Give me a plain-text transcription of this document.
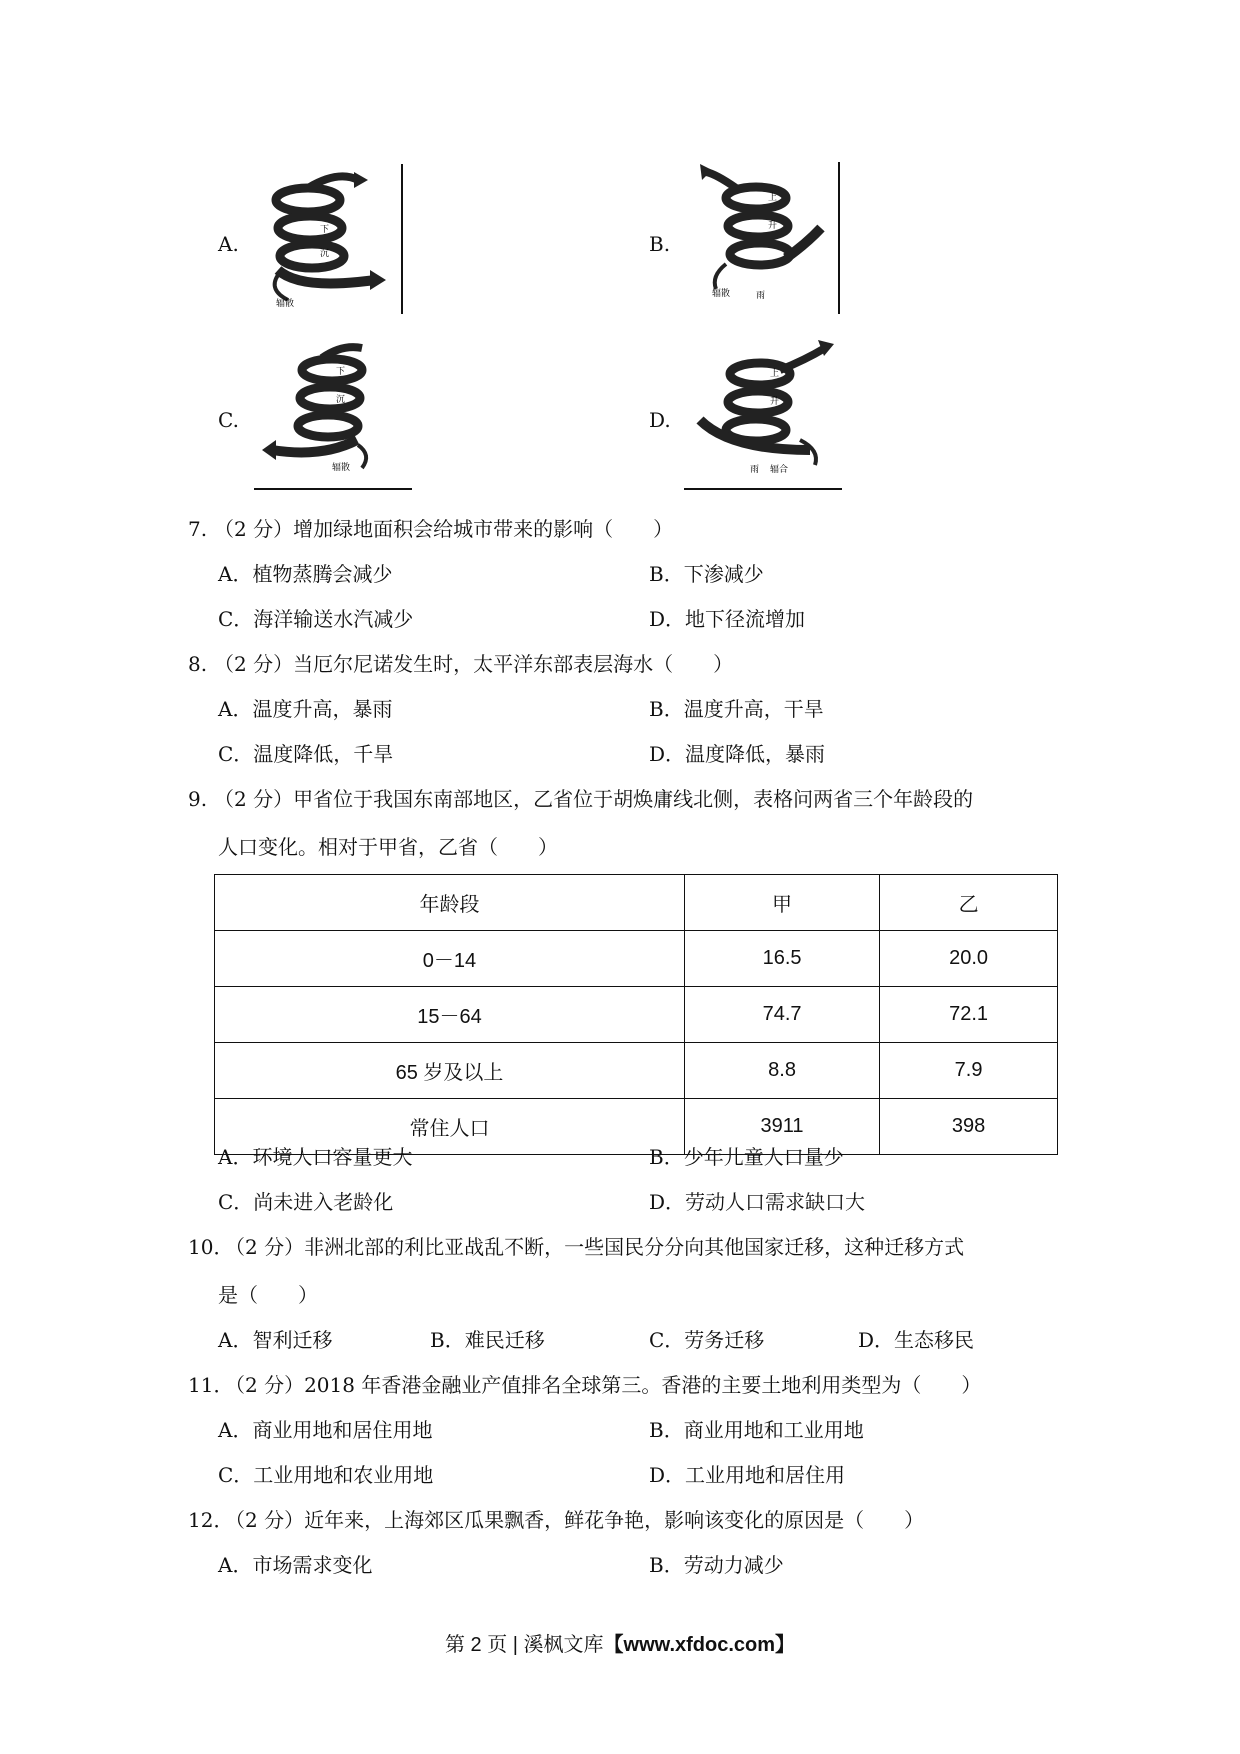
A.
下
沉
辐散
B.
上
升
辐散	雨
C.
下
沉
辐散
D.
上
升
雨 辐合
7. （2 分）增加绿地面积会给城市带来的影响（　　）
A．植物蒸腾会减少	B．下渗减少
C．海洋输送水汽减少	D．地下径流增加
8. （2 分）当厄尔尼诺发生时，太平洋东部表层海水（　　）
A．温度升高，暴雨	B．温度升高，干旱
C．温度降低，千旱	D．温度降低，暴雨
9. （2 分）甲省位于我国东南部地区，乙省位于胡焕庸线北侧，表格问两省三个年龄段的
人口变化。相对于甲省，乙省（　　）
年龄段	甲	乙
0－14	16.5	20.0
15－64	74.7	72.1
65 岁及以上	8.8	7.9
常住人口	3911	398
A．环境人口容量更大	B．少年儿童人口量少
C．尚未进入老龄化	D．劳动人口需求缺口大
10．
（2 分）非洲北部的利比亚战乱不断，一些国民分分向其他国家迁移，这种迁移方式
是（　　）
A．智利迁移	B．难民迁移	C．劳务迁移	D．生态移民
11．
（2 分）2018 年香港金融业产值排名全球第三。香港的主要土地利用类型为（　　）
A．商业用地和居住用地	B．商业用地和工业用地
C．工业用地和农业用地	D．工业用地和居住用
12．
（2 分）近年来，上海郊区瓜果飘香，鲜花争艳，影响该变化的原因是（　　）
A．市场需求变化	B．劳动力减少
第 2 页 | 溪枫文库【www.xfdoc.com】
